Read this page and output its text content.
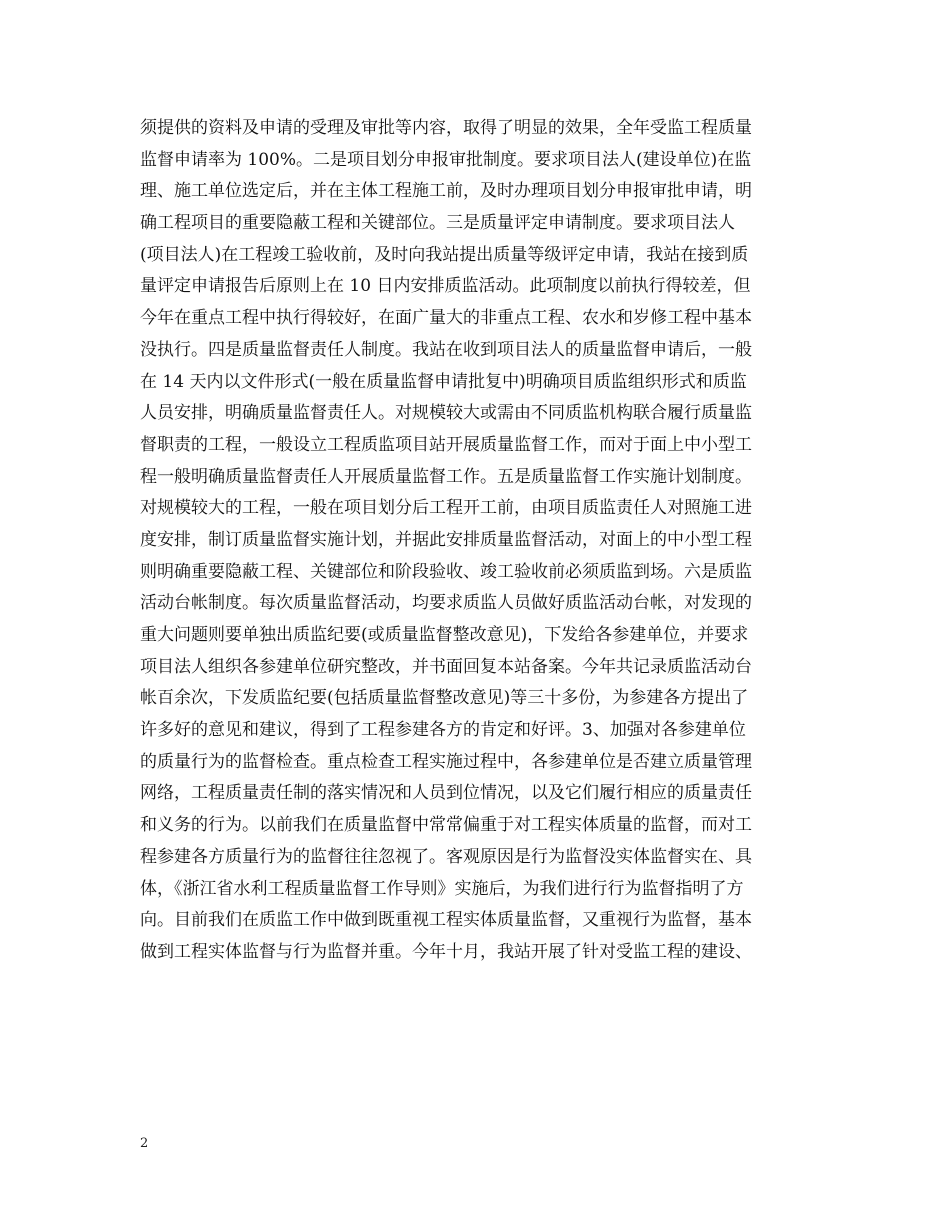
须提供的资料及申请的受理及审批等内容，取得了明显的效果，全年受监工程质量
监督申请率为 100%。二是项目划分申报审批制度。要求项目法人(建设单位)在监
理、施工单位选定后，并在主体工程施工前，及时办理项目划分申报审批申请，明
确工程项目的重要隐蔽工程和关键部位。三是质量评定申请制度。要求项目法人
(项目法人)在工程竣工验收前，及时向我站提出质量等级评定申请，我站在接到质
量评定申请报告后原则上在 10 日内安排质监活动。此项制度以前执行得较差，但
今年在重点工程中执行得较好，在面广量大的非重点工程、农水和岁修工程中基本
没执行。四是质量监督责任人制度。我站在收到项目法人的质量监督申请后，一般
在 14 天内以文件形式(一般在质量监督申请批复中)明确项目质监组织形式和质监
人员安排，明确质量监督责任人。对规模较大或需由不同质监机构联合履行质量监
督职责的工程，一般设立工程质监项目站开展质量监督工作，而对于面上中小型工
程一般明确质量监督责任人开展质量监督工作。五是质量监督工作实施计划制度。
对规模较大的工程，一般在项目划分后工程开工前，由项目质监责任人对照施工进
度安排，制订质量监督实施计划，并据此安排质量监督活动，对面上的中小型工程
则明确重要隐蔽工程、关键部位和阶段验收、竣工验收前必须质监到场。六是质监
活动台帐制度。每次质量监督活动，均要求质监人员做好质监活动台帐，对发现的
重大问题则要单独出质监纪要(或质量监督整改意见)，下发给各参建单位，并要求
项目法人组织各参建单位研究整改，并书面回复本站备案。今年共记录质监活动台
帐百余次，下发质监纪要(包括质量监督整改意见)等三十多份，为参建各方提出了
许多好的意见和建议，得到了工程参建各方的肯定和好评。3、加强对各参建单位
的质量行为的监督检查。重点检查工程实施过程中，各参建单位是否建立质量管理
网络，工程质量责任制的落实情况和人员到位情况，以及它们履行相应的质量责任
和义务的行为。以前我们在质量监督中常常偏重于对工程实体质量的监督，而对工
程参建各方质量行为的监督往往忽视了。客观原因是行为监督没实体监督实在、具
体，《浙江省水利工程质量监督工作导则》实施后，为我们进行行为监督指明了方
向。目前我们在质监工作中做到既重视工程实体质量监督，又重视行为监督，基本
做到工程实体监督与行为监督并重。今年十月，我站开展了针对受监工程的建设、
2
